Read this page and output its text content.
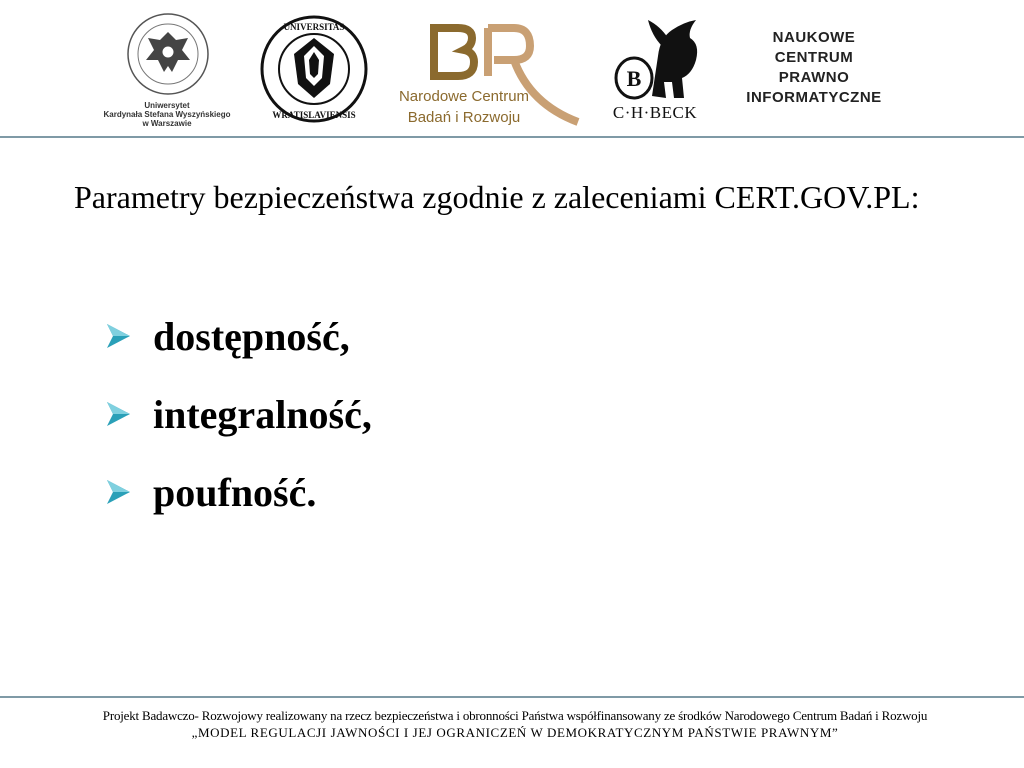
Uniwersytet
Kardynała Stefana Wyszyńskiego
w Warszawie
UNIVERSITAS
WRATISLAVIENSIS
Narodowe Centrum
Badań i Rozwoju
B
C·H·BECK
NAUKOWE
CENTRUM
PRAWNO
INFORMATYCZNE
Parametry bezpieczeństwa zgodnie z zaleceniami CERT.GOV.PL:
dostępność,
integralność,
poufność.
Projekt Badawczo- Rozwojowy realizowany na rzecz bezpieczeństwa i obronności Państwa współfinansowany ze środków Narodowego Centrum Badań i Rozwoju
„MODEL REGULACJI JAWNOŚCI I JEJ OGRANICZEŃ W DEMOKRATYCZNYM PAŃSTWIE PRAWNYM”
